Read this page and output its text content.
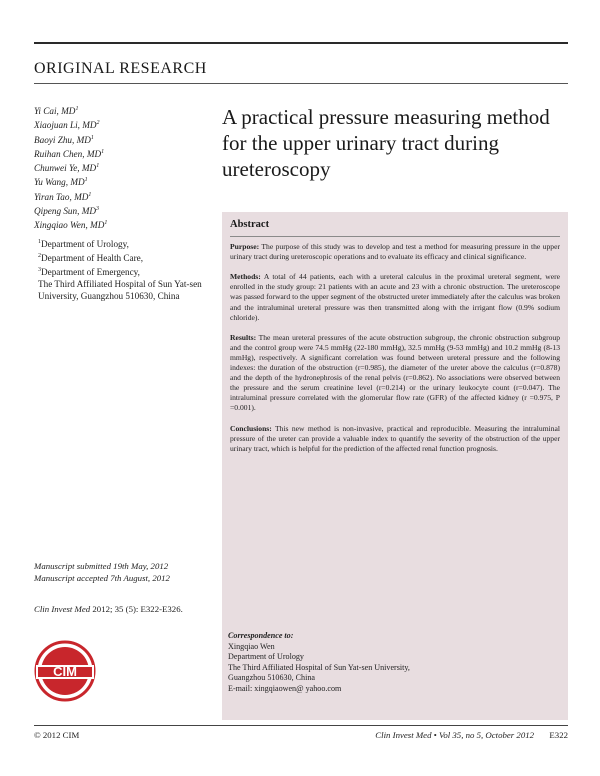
ORIGINAL RESEARCH
Yi Cai, $MD^1$
Xiaojuan Li, $MD^2$
Baoyi Zhu, $MD^1$
Ruihan Chen, $MD^1$
Chunwei Ye, $MD^1$
Yu Wang, $MD^1$
Yiran Tao, $MD^1$
Qipeng Sun, $MD^3$
Xingqiao Wen, $MD^1$
$^1$Department of Urology,
$^2$Department of Health Care,
$^3$Department of Emergency,
The Third Affiliated Hospital of Sun Yat-sen University, Guangzhou 510630, China
A practical pressure measuring method for the upper urinary tract during ureteroscopy
Abstract

Purpose: The purpose of this study was to develop and test a method for measuring pressure in the upper urinary tract during ureteroscopic operations and to evaluate its efficacy and clinical significance.

Methods: A total of 44 patients, each with a ureteral calculus in the proximal ureteral segment, were enrolled in the study group: 21 patients with an acute and 23 with a chronic obstruction. The ureteroscope was passed forward to the upper segment of the obstructed ureter immediately after the calculus was broken and the intraluminal ureteral pressure was then transmitted along with the irrigant flow (0.9% sodium chloride).

Results: The mean ureteral pressures of the acute obstruction subgroup, the chronic obstruction subgroup and the control group were 74.5 mmHg (22-180 mmHg), 32.5 mmHg (9-53 mmHg) and 10.2 mmHg (8-13 mmHg), respectively. A significant correlation was found between ureteral pressure and the following indexes: the duration of the obstruction (r=0.985), the diameter of the ureter above the calculus (r=0.878) and the depth of the hydronephrosis of the renal pelvis (r=0.862). No associations were observed between the pressure and the serum creatinine level (r=0.214) or the urinary leukocyte count (r=0.047). The intraluminal pressure correlated with the glomerular flow rate (GFR) of the affected kidney (r =0.975, P =0.001).

Conclusions: This new method is non-invasive, practical and reproducible. Measuring the intraluminal pressure of the ureter can provide a valuable index to quantify the severity of the obstruction of the upper urinary tract, which is helpful for the prediction of the affected renal function prognosis.

Correspondence to:
Xingqiao Wen
Department of Urology
The Third Affiliated Hospital of Sun Yat-sen University,
Guangzhou 510630, China
E-mail: xingqiaowen@ yahoo.com
Manuscript submitted 19th May, 2012
Manuscript accepted 7th August, 2012
Clin Invest Med 2012; 35 (5): E322-E326.
CIM
© 2012 CIM	Clin Invest Med • Vol 35, no 5, October 2012 E322
